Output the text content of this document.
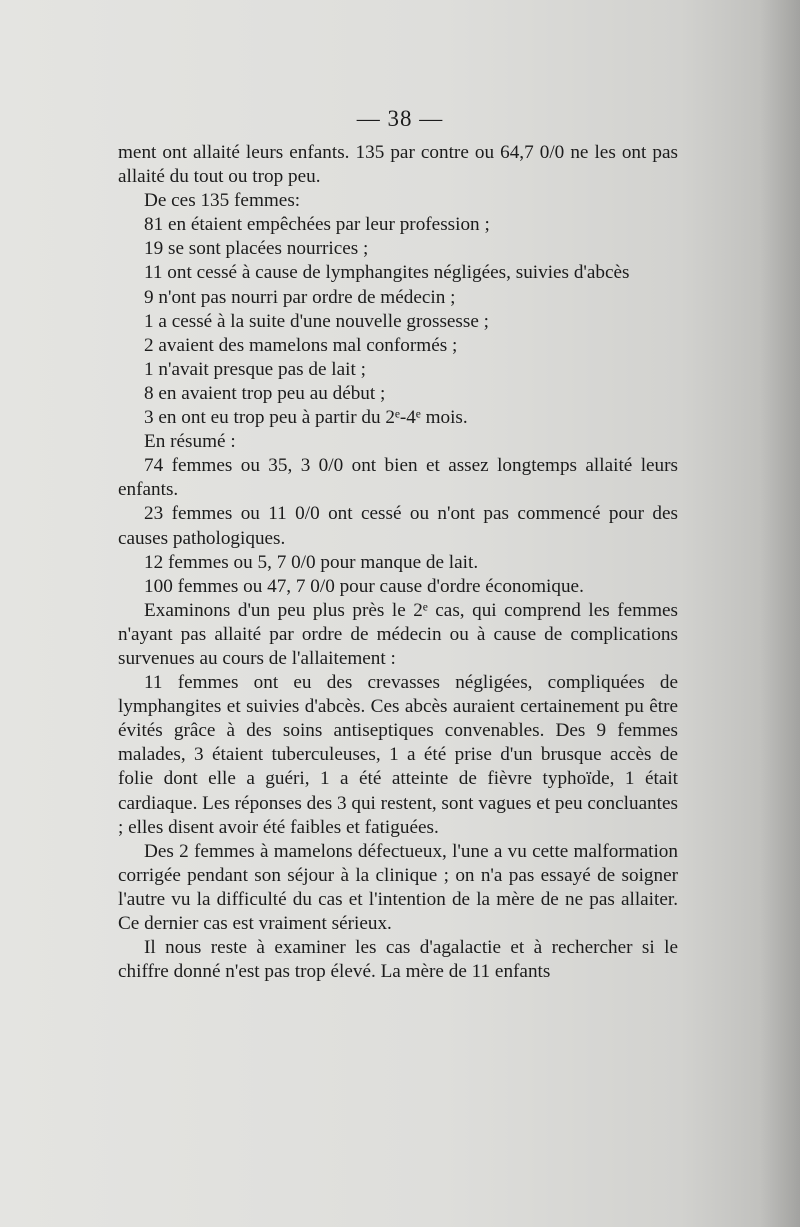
— 38 —

ment ont allaité leurs enfants. 135 par contre ou 64,7 0/0 ne les ont pas allaité du tout ou trop peu.

De ces 135 femmes:

81 en étaient empêchées par leur profession ;

19 se sont placées nourrices ;

11 ont cessé à cause de lymphangites négligées, suivies d'abcès

9 n'ont pas nourri par ordre de médecin ;

1 a cessé à la suite d'une nouvelle grossesse ;

2 avaient des mamelons mal conformés ;

1 n'avait presque pas de lait ;

8 en avaient trop peu au début ;

3 en ont eu trop peu à partir du 2ᵉ-4ᵉ mois.

En résumé :

74 femmes ou 35, 3 0/0 ont bien et assez longtemps allaité leurs enfants.

23 femmes ou 11 0/0 ont cessé ou n'ont pas commencé pour des causes pathologiques.

12 femmes ou 5, 7 0/0 pour manque de lait.

100 femmes ou 47, 7 0/0 pour cause d'ordre économique.

Examinons d'un peu plus près le 2ᵉ cas, qui comprend les femmes n'ayant pas allaité par ordre de médecin ou à cause de complications survenues au cours de l'allaitement :

11 femmes ont eu des crevasses négligées, compliquées de lymphangites et suivies d'abcès. Ces abcès auraient certainement pu être évités grâce à des soins antiseptiques convenables. Des 9 femmes malades, 3 étaient tuberculeuses, 1 a été prise d'un brusque accès de folie dont elle a guéri, 1 a été atteinte de fièvre typhoïde, 1 était cardiaque. Les réponses des 3 qui restent, sont vagues et peu concluantes ; elles disent avoir été faibles et fatiguées.

Des 2 femmes à mamelons défectueux, l'une a vu cette malformation corrigée pendant son séjour à la clinique ; on n'a pas essayé de soigner l'autre vu la difficulté du cas et l'intention de la mère de ne pas allaiter. Ce dernier cas est vraiment sérieux.

Il nous reste à examiner les cas d'agalactie et à rechercher si le chiffre donné n'est pas trop élevé. La mère de 11 enfants
